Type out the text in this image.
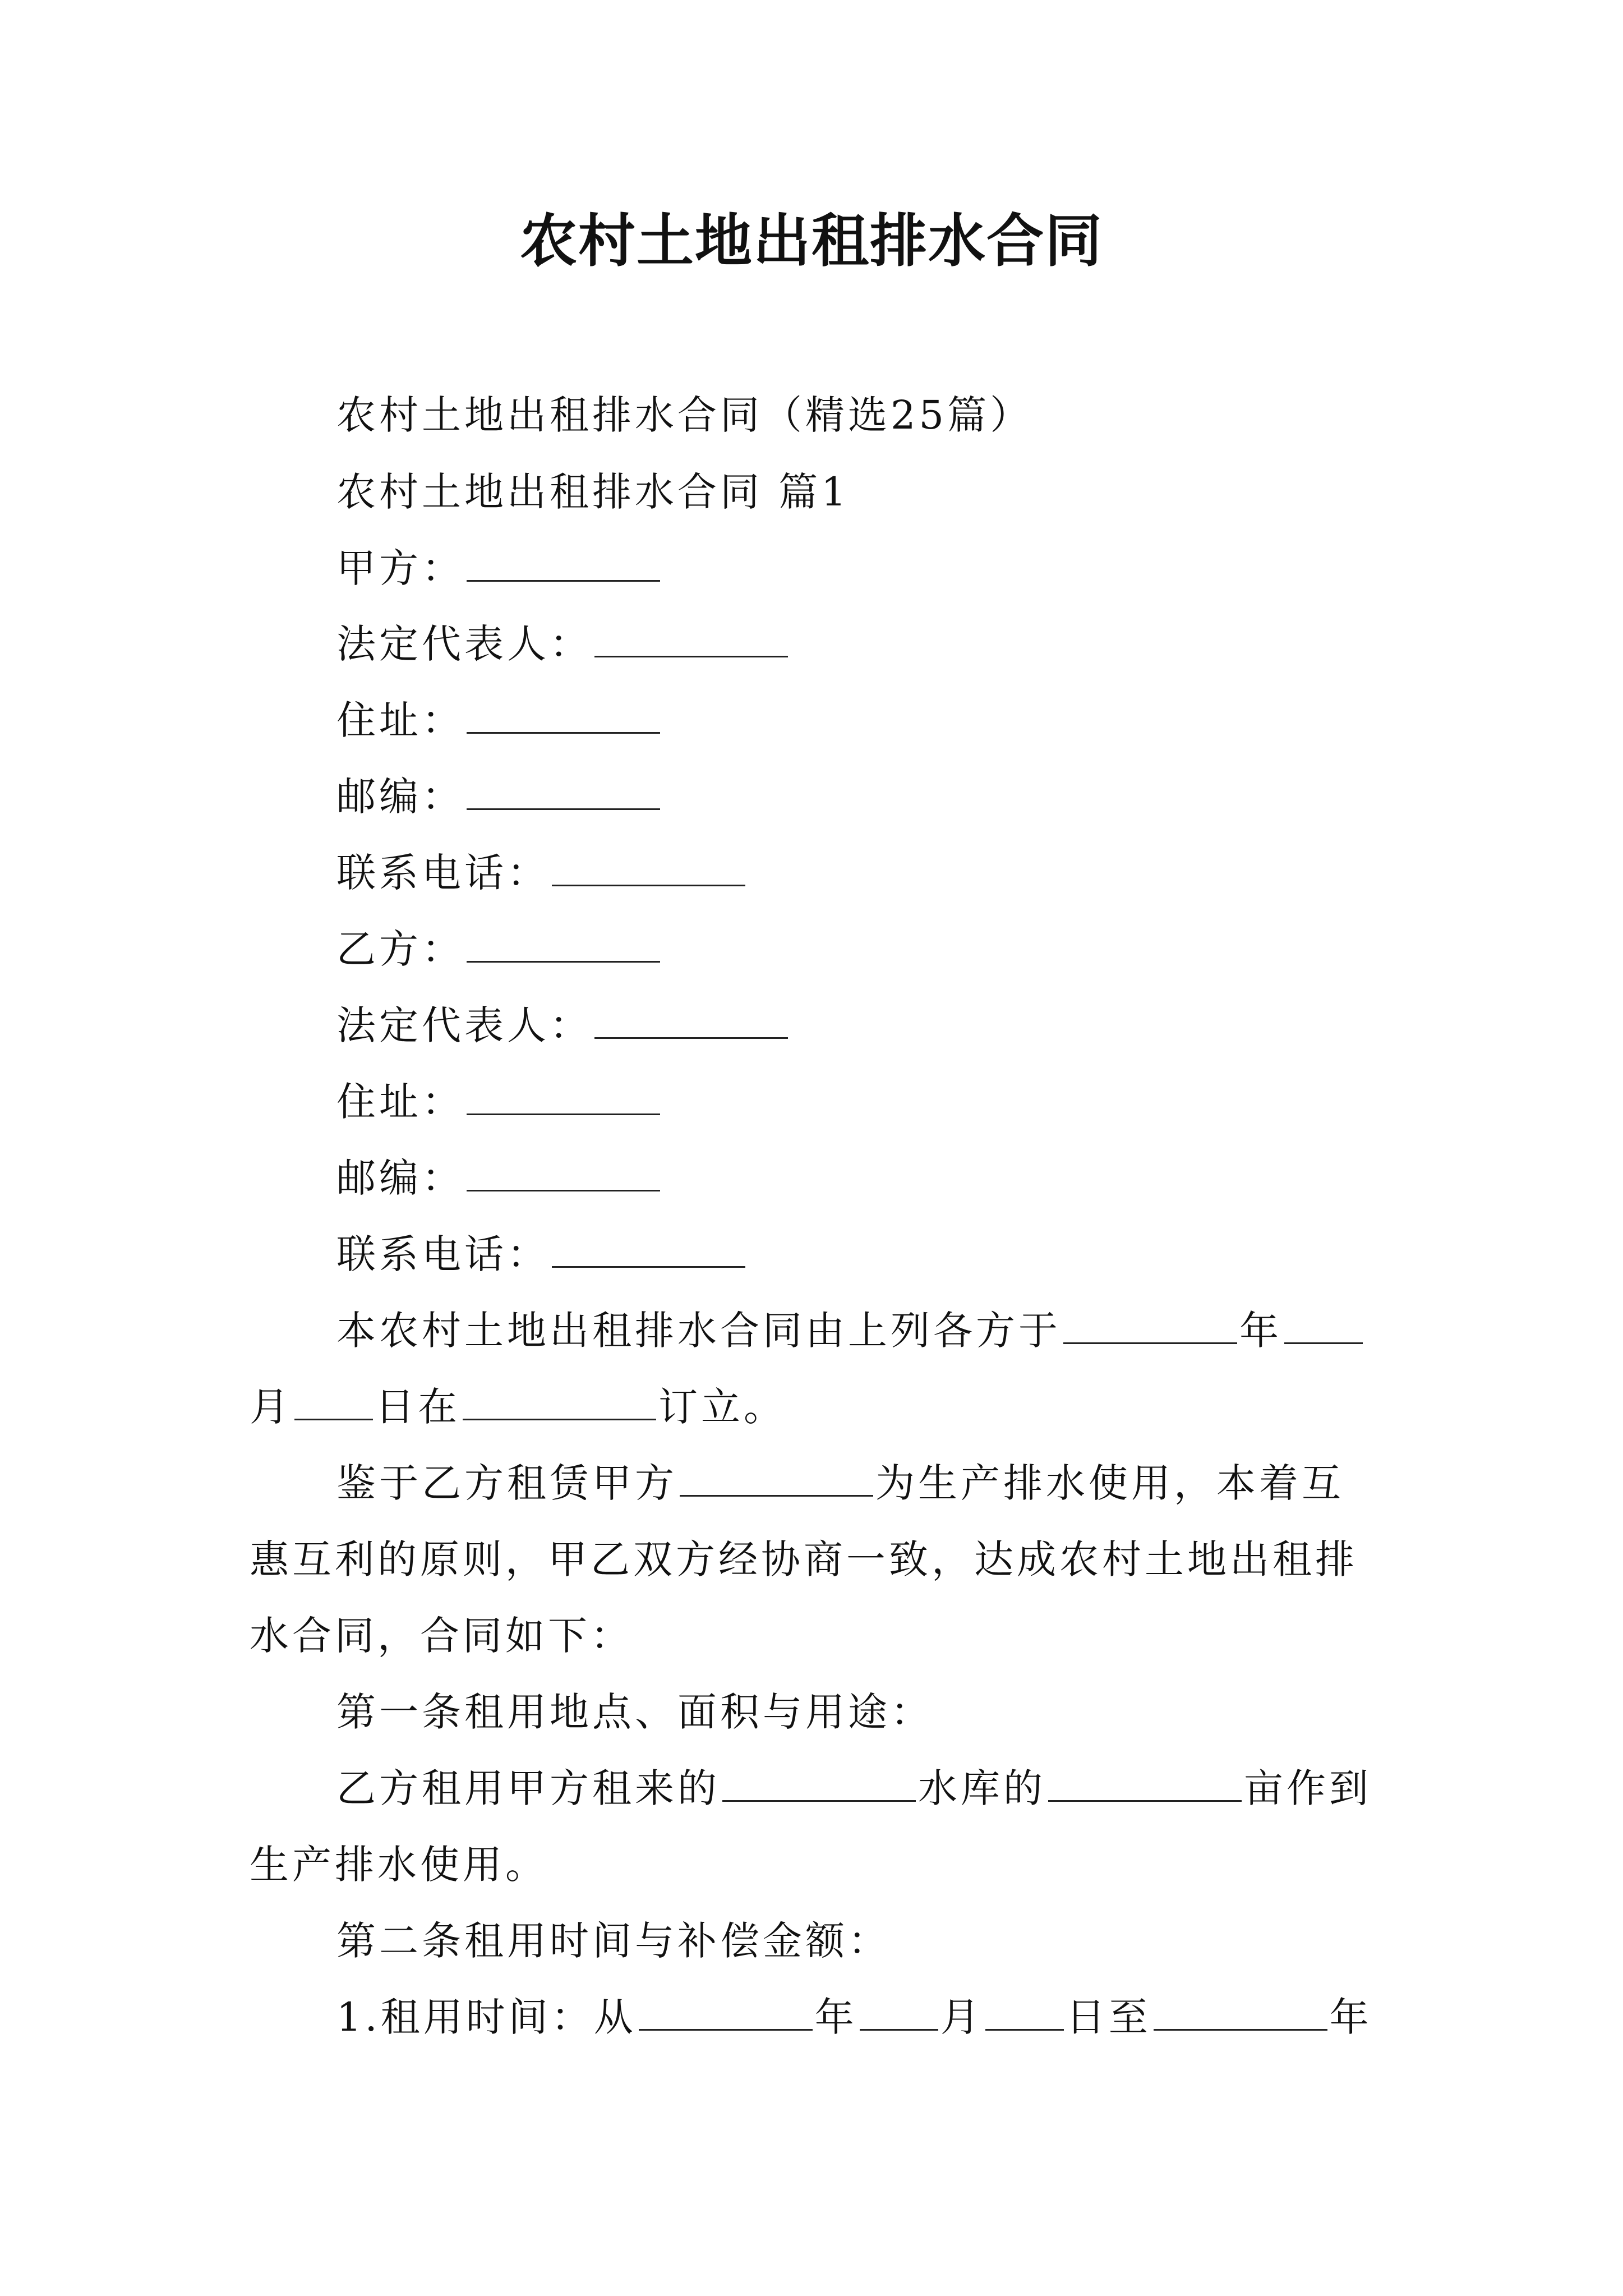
农村土地出租排水合同
农村土地出租排水合同（精选25篇）
农村土地出租排水合同 篇1
甲方：
法定代表人：
住址：
邮编：
联系电话：
乙方：
法定代表人：
住址：
邮编：
联系电话：
本农村土地出租排水合同由上列各方于	年
月 日在	订立。
鉴于乙方租赁甲方	为生产排水使用，本着互
惠互利的原则，甲乙双方经协商一致，达成农村土地出租排
水合同，合同如下：
第一条租用地点、面积与用途：
乙方租用甲方租来的	水库的	亩作到
生产排水使用。
第二条租用时间与补偿金额：
1.租用时间：从	年 月 日至	年
